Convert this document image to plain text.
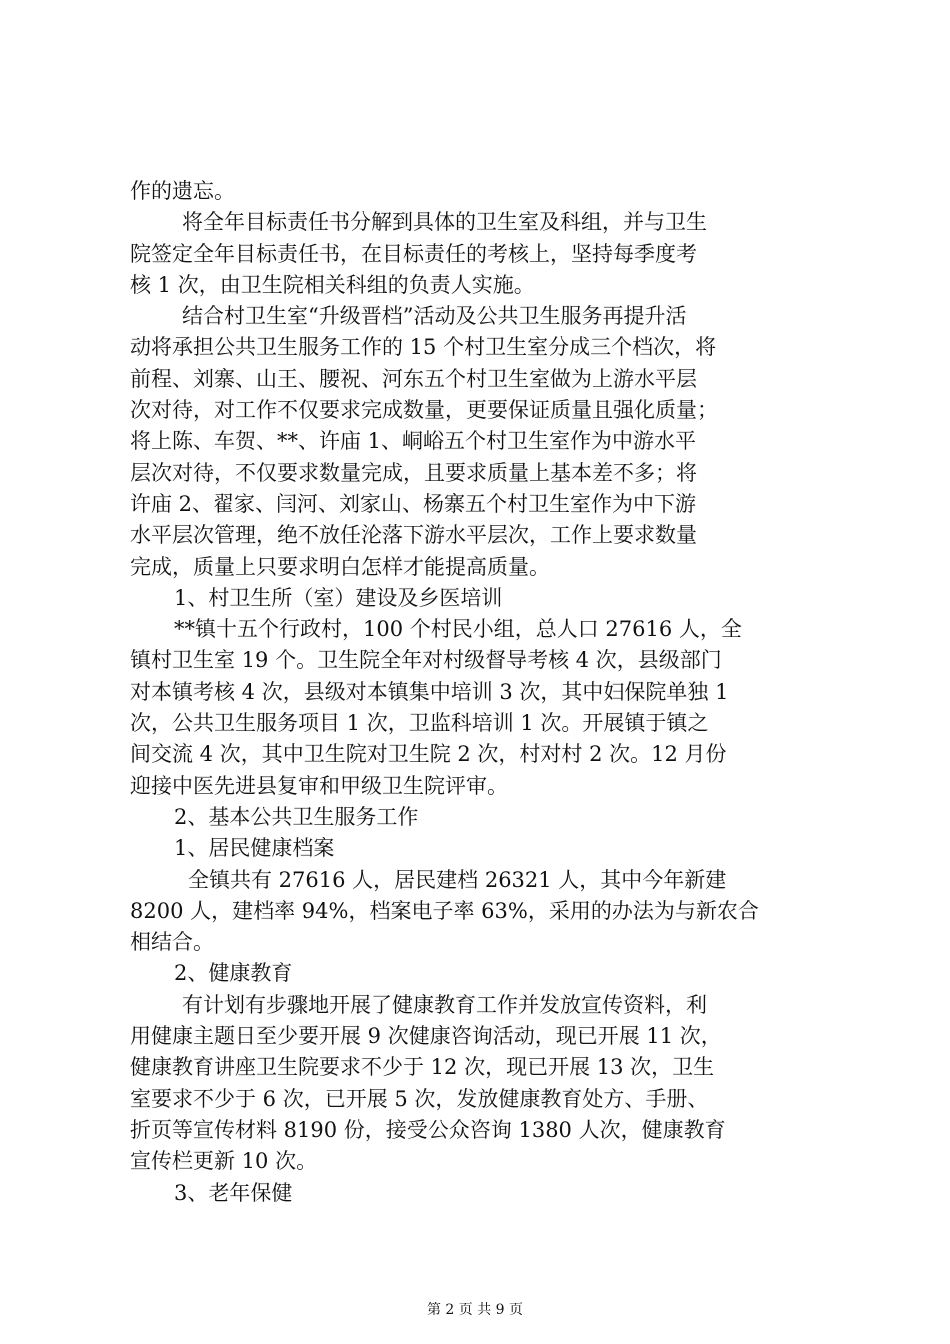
作的遗忘。
将全年目标责任书分解到具体的卫生室及科组，并与卫生
院签定全年目标责任书，在目标责任的考核上，坚持每季度考
核 1 次，由卫生院相关科组的负责人实施。
结合村卫生室“升级晋档”活动及公共卫生服务再提升活
动将承担公共卫生服务工作的 15 个村卫生室分成三个档次，将
前程、刘寨、山王、腰祝、河东五个村卫生室做为上游水平层
次对待，对工作不仅要求完成数量，更要保证质量且强化质量；
将上陈、车贺、**、许庙 1、峒峪五个村卫生室作为中游水平
层次对待，不仅要求数量完成，且要求质量上基本差不多；将
许庙 2、翟家、闫河、刘家山、杨寨五个村卫生室作为中下游
水平层次管理，绝不放任沦落下游水平层次，工作上要求数量
完成，质量上只要求明白怎样才能提高质量。
1、村卫生所（室）建设及乡医培训
**镇十五个行政村，100 个村民小组，总人口 27616 人，全
镇村卫生室 19 个。卫生院全年对村级督导考核 4 次，县级部门
对本镇考核 4 次，县级对本镇集中培训 3 次，其中妇保院单独 1
次，公共卫生服务项目 1 次，卫监科培训 1 次。开展镇于镇之
间交流 4 次，其中卫生院对卫生院 2 次，村对村 2 次。12 月份
迎接中医先进县复审和甲级卫生院评审。
2、基本公共卫生服务工作
1、居民健康档案
全镇共有 27616 人，居民建档 26321 人，其中今年新建
8200 人，建档率 94%，档案电子率 63%，采用的办法为与新农合
相结合。
2、健康教育
有计划有步骤地开展了健康教育工作并发放宣传资料，利
用健康主题日至少要开展 9 次健康咨询活动，现已开展 11 次，
健康教育讲座卫生院要求不少于 12 次，现已开展 13 次，卫生
室要求不少于 6 次，已开展 5 次，发放健康教育处方、手册、
折页等宣传材料 8190 份，接受公众咨询 1380 人次，健康教育
宣传栏更新 10 次。
3、老年保健
第 2 页 共 9 页
